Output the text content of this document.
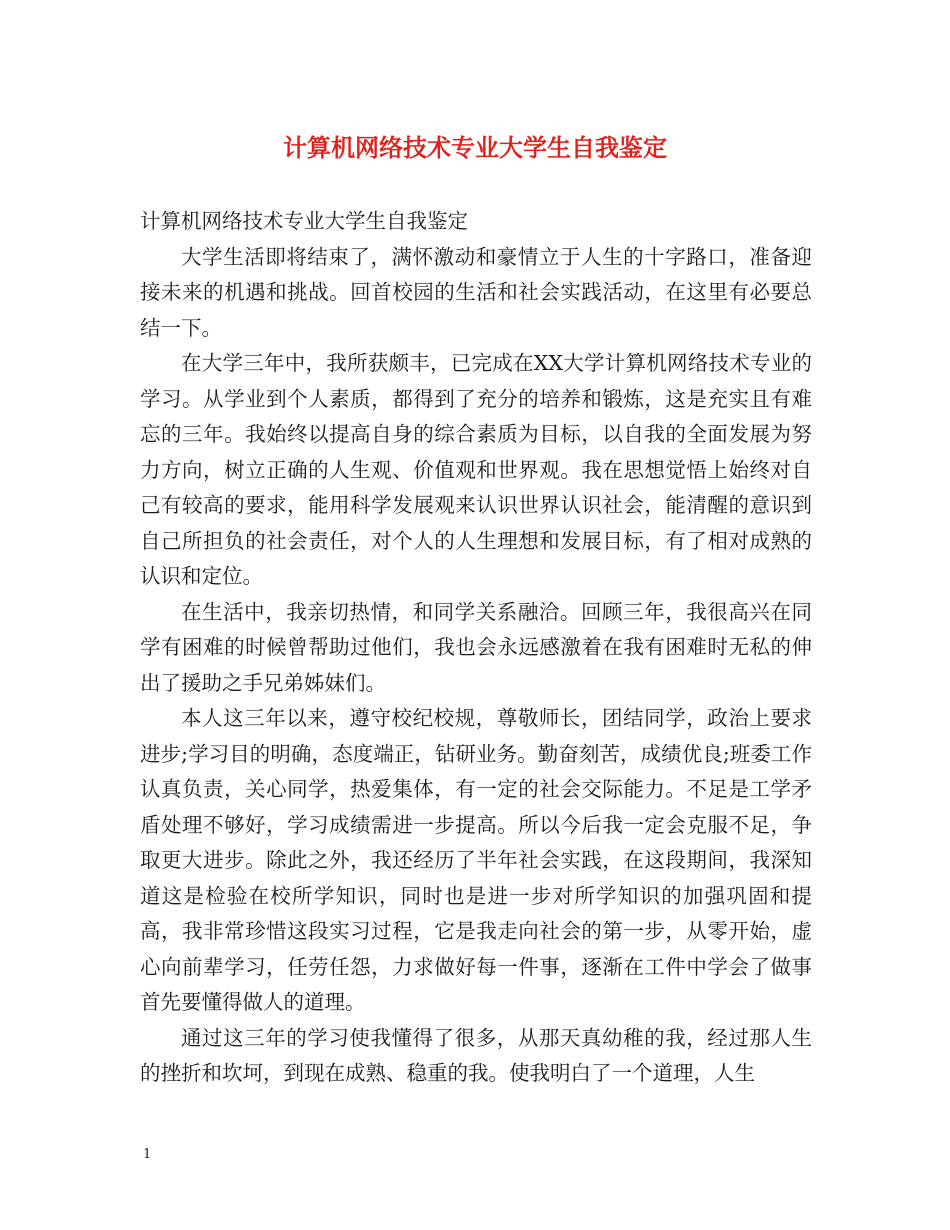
计算机网络技术专业大学生自我鉴定

计算机网络技术专业大学生自我鉴定

大学生活即将结束了，满怀激动和豪情立于人生的十字路口，准备迎接未来的机遇和挑战。回首校园的生活和社会实践活动，在这里有必要总结一下。

在大学三年中，我所获颇丰，已完成在XX大学计算机网络技术专业的学习。从学业到个人素质，都得到了充分的培养和锻炼，这是充实且有难忘的三年。我始终以提高自身的综合素质为目标，以自我的全面发展为努力方向，树立正确的人生观、价值观和世界观。我在思想觉悟上始终对自己有较高的要求，能用科学发展观来认识世界认识社会，能清醒的意识到自己所担负的社会责任，对个人的人生理想和发展目标，有了相对成熟的认识和定位。

在生活中，我亲切热情，和同学关系融洽。回顾三年，我很高兴在同学有困难的时候曾帮助过他们，我也会永远感激着在我有困难时无私的伸出了援助之手兄弟姊妹们。

本人这三年以来，遵守校纪校规，尊敬师长，团结同学，政治上要求进步;学习目的明确，态度端正，钻研业务。勤奋刻苦，成绩优良;班委工作认真负责，关心同学，热爱集体，有一定的社会交际能力。不足是工学矛盾处理不够好，学习成绩需进一步提高。所以今后我一定会克服不足，争取更大进步。除此之外，我还经历了半年社会实践，在这段期间，我深知道这是检验在校所学知识，同时也是进一步对所学知识的加强巩固和提高，我非常珍惜这段实习过程，它是我走向社会的第一步，从零开始，虚心向前辈学习，任劳任怨，力求做好每一件事，逐渐在工件中学会了做事首先要懂得做人的道理。

通过这三年的学习使我懂得了很多，从那天真幼稚的我，经过那人生的挫折和坎坷，到现在成熟、稳重的我。使我明白了一个道理，人生

1
